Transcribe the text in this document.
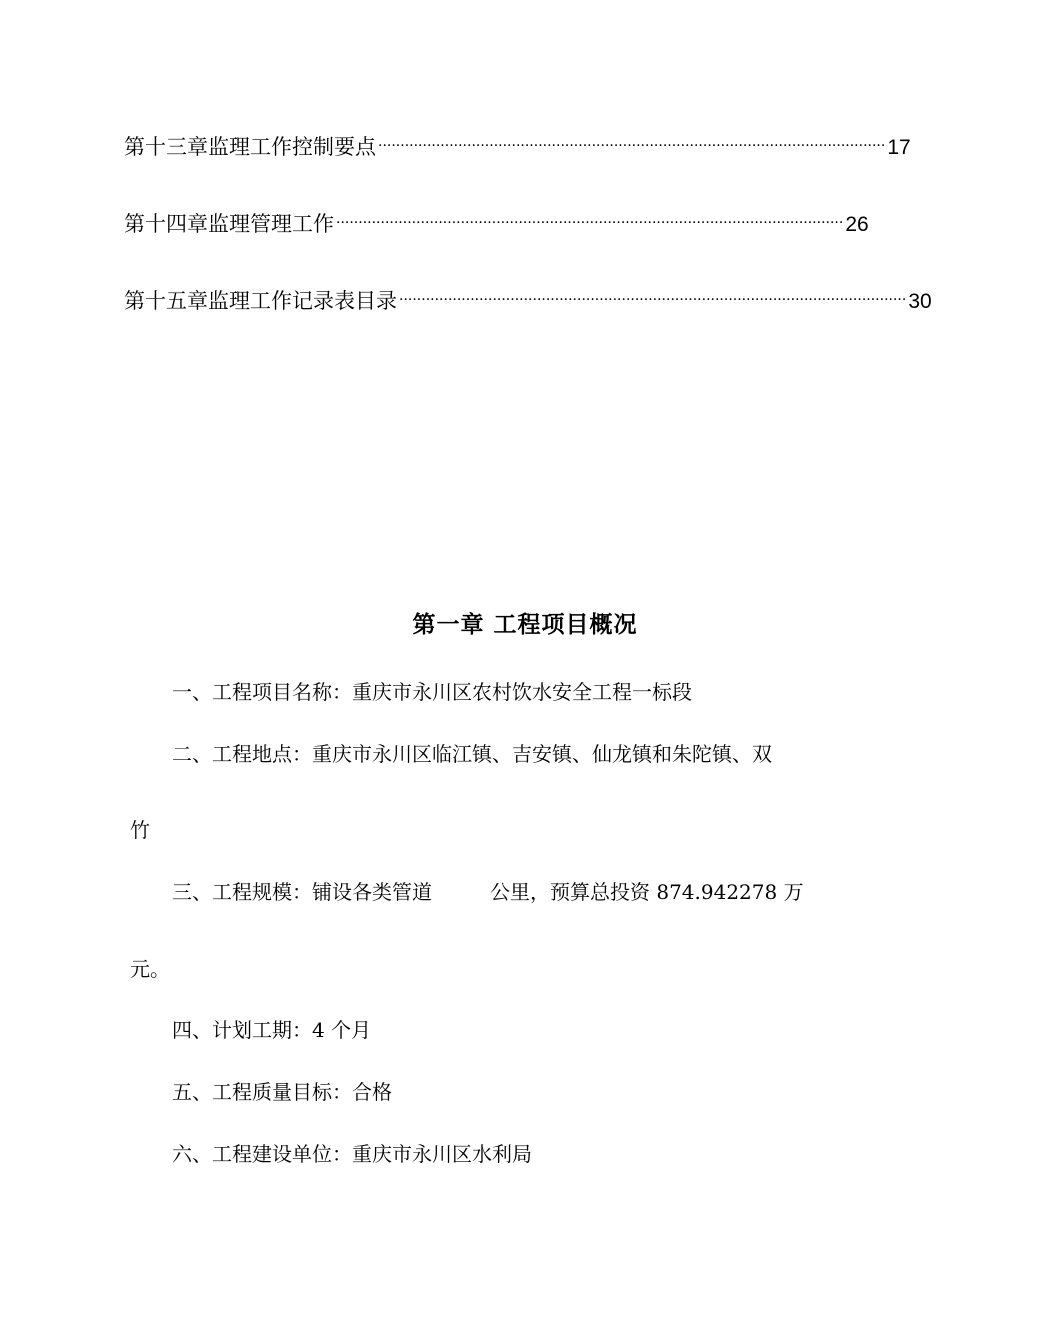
第十三章 监理工作控制要点 ·················································································································· 17
第十四章 监理管理工作 ·················································································································· 26
第十五章 监理工作记录表目录 ·················································································································· 30
第一章 工程项目概况
一、工程项目名称：重庆市永川区农村饮水安全工程一标段
二、工程地点：重庆市永川区临江镇、吉安镇、仙龙镇和朱陀镇、双
竹
三、工程规模：铺设各类管道	公里，预算总投资 874.942278 万
元。
四、计划工期：4 个月
五、工程质量目标：合格
六、工程建设单位：重庆市永川区水利局
